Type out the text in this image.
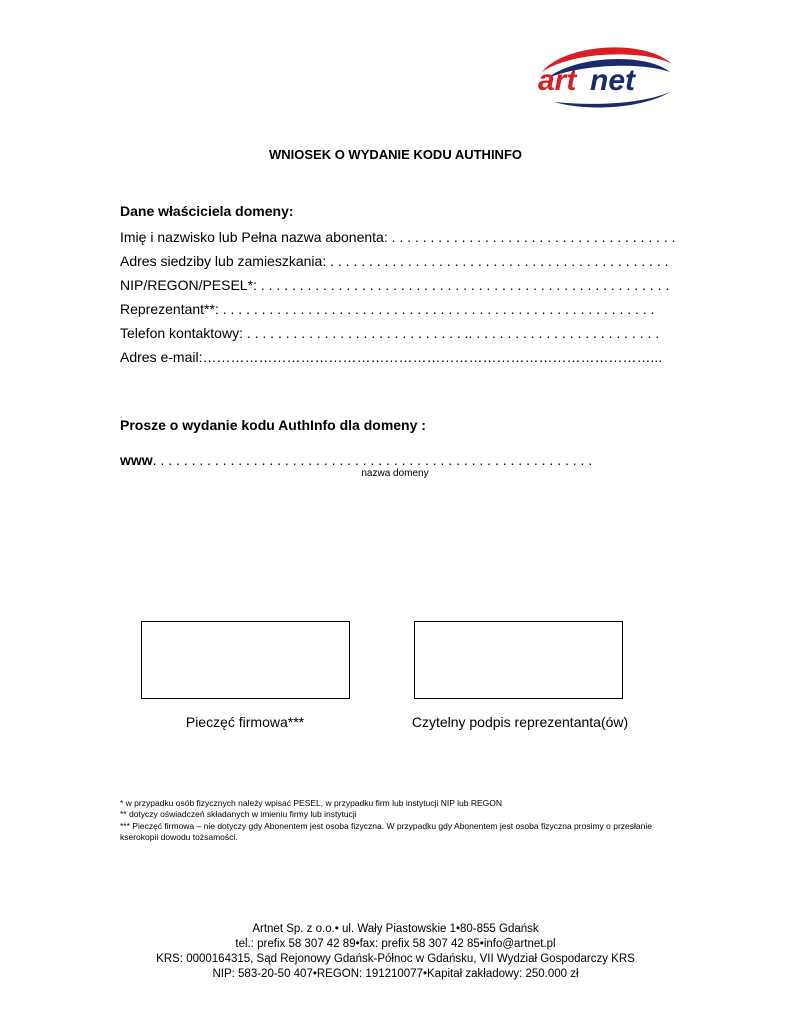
art net
WNIOSEK O WYDANIE KODU AUTHINFO
Dane właściciela domeny:
Imię i nazwisko lub Pełna nazwa abonenta: . . . . . . . . . . . . . . . . . . . . . . . . . . . . . . . . . . . . .
Adres siedziby lub zamieszkania: . . . . . . . . . . . . . . . . . . . . . . . . . . . . . . . . . . . . . . . . . . . .
NIP/REGON/PESEL*: . . . . . . . . . . . . . . . . . . . . . . . . . . . . . . . . . . . . . . . . . . . . . . . . . . . . .
Reprezentant**: . . . . . . . . . . . . . . . . . . . . . . . . . . . . . . . . . . . . . . . . . . . . . . . . . . . . . . . .
Telefon kontaktowy: . . . . . . . . . . . . . . . . . . . . . . . . . . . . .. . . . . . . . . . . . . . . . . . . . . . . . .
Adres e-mail:……………………………………………………………………………………...
Prosze o wydanie kodu AuthInfo dla domeny :
www. . . . . . . . . . . . . . . . . . . . . . . . . . . . . . . . . . . . . . . . . . . . . . . . . . . . . . . . .
nazwa domeny
Pieczęć firmowa***	Czytelny podpis reprezentanta(ów)
* w przypadku osób fizycznych należy wpisać PESEL, w przypadku firm lub instytucji NIP lub REGON
** dotyczy oświadczeń składanych w imieniu firmy lub instytucji
*** Pieczęć firmowa – nie dotyczy gdy Abonentem jest osoba fizyczna. W przypadku gdy Abonentem jest osoba fizyczna prosimy o przesłanie kserokopii dowodu tożsamości.
Artnet Sp. z o.o.• ul. Wały Piastowskie 1•80-855 Gdańsk
tel.: prefix 58 307 42 89•fax: prefix 58 307 42 85•info@artnet.pl
KRS: 0000164315, Sąd Rejonowy Gdańsk-Północ w Gdańsku, VII Wydział Gospodarczy KRS
NIP: 583-20-50 407•REGON: 191210077•Kapitał zakładowy: 250.000 zł
